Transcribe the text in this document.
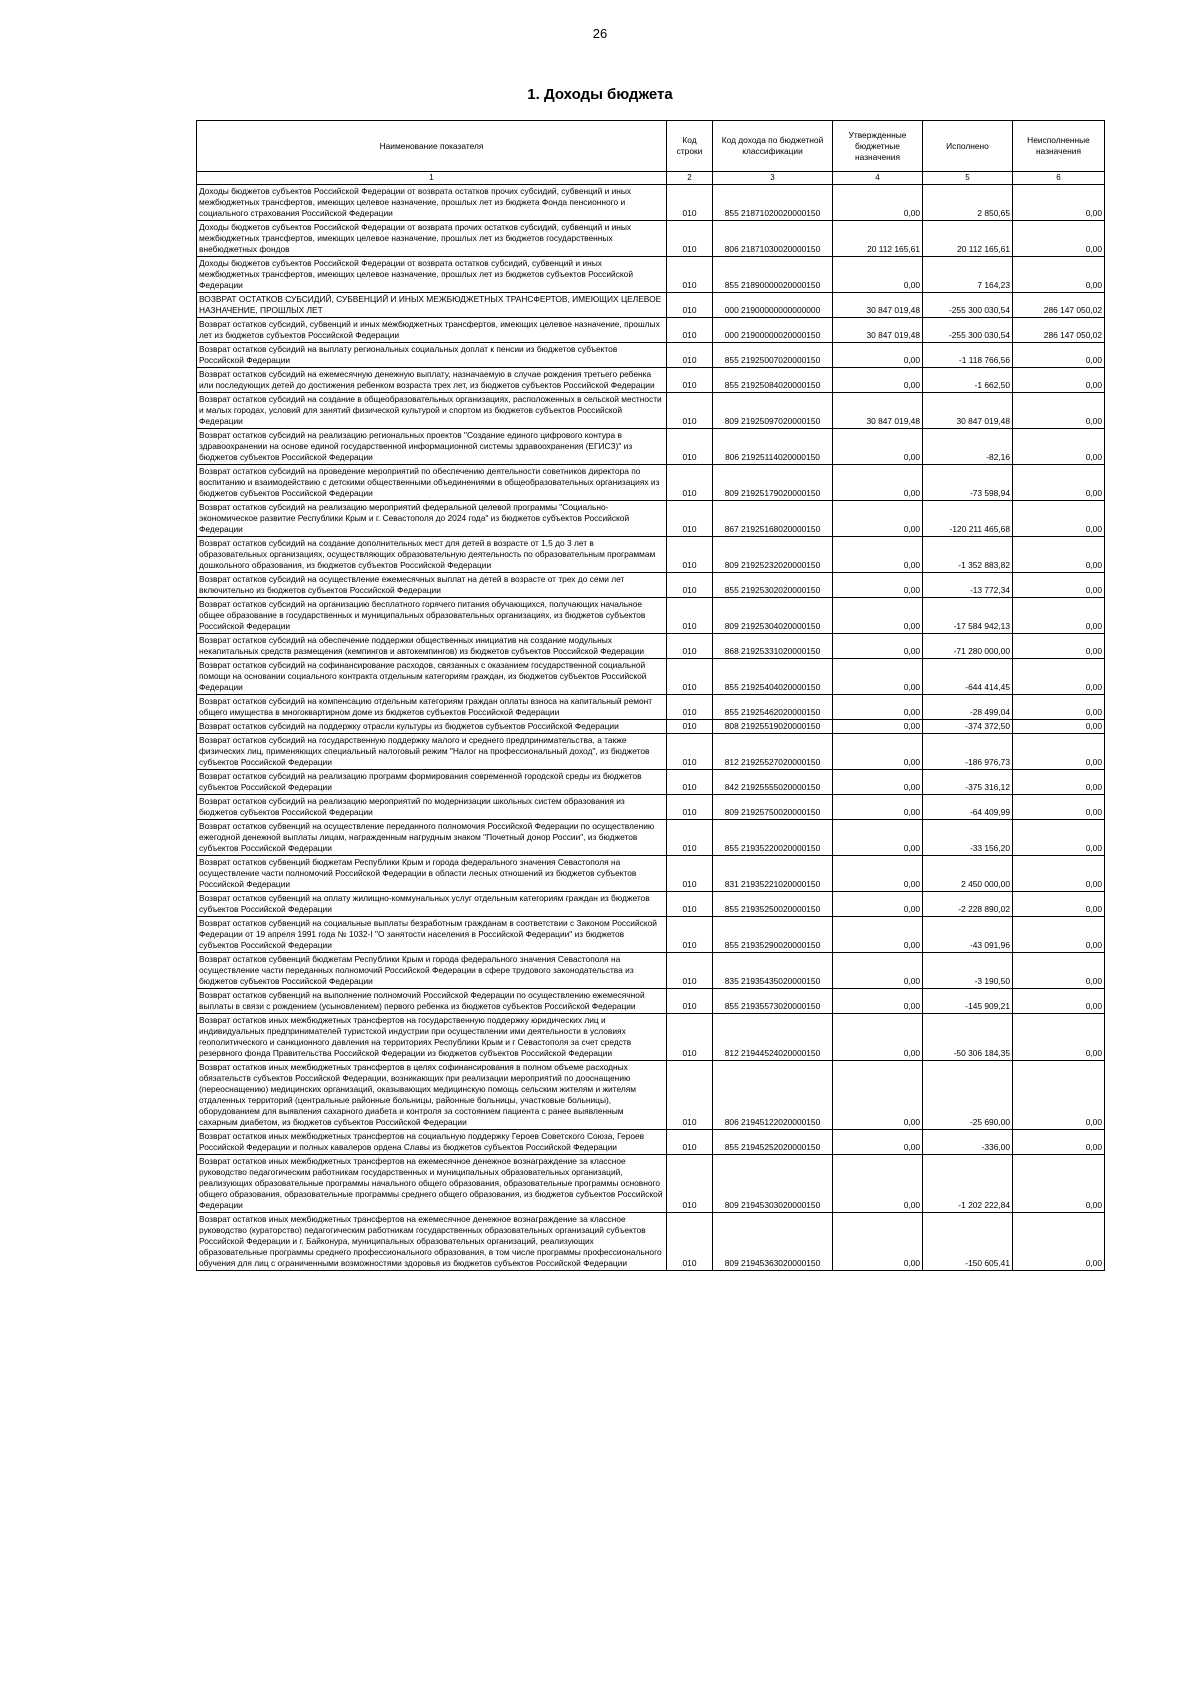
26
1. Доходы бюджета
Наименование показателя	Код строки	Код дохода по бюджетной классификации	Утвержденные бюджетные назначения	Исполнено	Неисполненные назначения
1	2	3	4	5	6
Доходы бюджетов субъектов Российской Федерации от возврата остатков прочих субсидий, субвенций и иных межбюджетных трансфертов, имеющих целевое назначение, прошлых лет из бюджета Фонда пенсионного и социального страхования Российской Федерации	010	855 21871020020000150	0,00	2 850,65	0,00
Доходы бюджетов субъектов Российской Федерации от возврата прочих остатков субсидий, субвенций и иных межбюджетных трансфертов, имеющих целевое назначение, прошлых лет из бюджетов государственных внебюджетных фондов	010	806 21871030020000150	20 112 165,61	20 112 165,61	0,00
Доходы бюджетов субъектов Российской Федерации от возврата остатков субсидий, субвенций и иных межбюджетных трансфертов, имеющих целевое назначение, прошлых лет из бюджетов субъектов Российской Федерации	010	855 21890000020000150	0,00	7 164,23	0,00
ВОЗВРАТ ОСТАТКОВ СУБСИДИЙ, СУБВЕНЦИЙ И ИНЫХ МЕЖБЮДЖЕТНЫХ ТРАНСФЕРТОВ, ИМЕЮЩИХ ЦЕЛЕВОЕ НАЗНАЧЕНИЕ, ПРОШЛЫХ ЛЕТ	010	000 21900000000000000	30 847 019,48	-255 300 030,54	286 147 050,02
Возврат остатков субсидий, субвенций и иных межбюджетных трансфертов, имеющих целевое назначение, прошлых лет из бюджетов субъектов Российской Федерации	010	000 21900000020000150	30 847 019,48	-255 300 030,54	286 147 050,02
Возврат остатков субсидий на выплату региональных социальных доплат к пенсии из бюджетов субъектов Российской Федерации	010	855 21925007020000150	0,00	-1 118 766,56	0,00
Возврат остатков субсидий на ежемесячную денежную выплату, назначаемую в случае рождения третьего ребенка или последующих детей до достижения ребенком возраста трех лет, из бюджетов субъектов Российской Федерации	010	855 21925084020000150	0,00	-1 662,50	0,00
Возврат остатков субсидий на создание в общеобразовательных организациях, расположенных в сельской местности и малых городах, условий для занятий физической культурой и спортом из бюджетов субъектов Российской Федерации	010	809 21925097020000150	30 847 019,48	30 847 019,48	0,00
Возврат остатков субсидий на реализацию региональных проектов "Создание единого цифрового контура в здравоохранении на основе единой государственной информационной системы здравоохранения (ЕГИСЗ)" из бюджетов субъектов Российской Федерации	010	806 21925114020000150	0,00	-82,16	0,00
Возврат остатков субсидий на проведение мероприятий по обеспечению деятельности советников директора по воспитанию и взаимодействию с детскими общественными объединениями в общеобразовательных организациях из бюджетов субъектов Российской Федерации	010	809 21925179020000150	0,00	-73 598,94	0,00
Возврат остатков субсидий на реализацию мероприятий федеральной целевой программы "Социально-экономическое развитие Республики Крым и г. Севастополя до 2024 года" из бюджетов субъектов Российской Федерации	010	867 21925168020000150	0,00	-120 211 465,68	0,00
Возврат остатков субсидий на создание дополнительных мест для детей в возрасте от 1,5 до 3 лет в образовательных организациях, осуществляющих образовательную деятельность по образовательным программам дошкольного образования, из бюджетов субъектов Российской Федерации	010	809 21925232020000150	0,00	-1 352 883,82	0,00
Возврат остатков субсидий на осуществление ежемесячных выплат на детей в возрасте от трех до семи лет включительно из бюджетов субъектов Российской Федерации	010	855 21925302020000150	0,00	-13 772,34	0,00
Возврат остатков субсидий на организацию бесплатного горячего питания обучающихся, получающих начальное общее образование в государственных и муниципальных образовательных организациях, из бюджетов субъектов Российской Федерации	010	809 21925304020000150	0,00	-17 584 942,13	0,00
Возврат остатков субсидий на обеспечение поддержки общественных инициатив на создание модульных некапитальных средств размещения (кемпингов и автокемпингов) из бюджетов субъектов Российской Федерации	010	868 21925331020000150	0,00	-71 280 000,00	0,00
Возврат остатков субсидий на софинансирование расходов, связанных с оказанием государственной социальной помощи на основании социального контракта отдельным категориям граждан, из бюджетов субъектов Российской Федерации	010	855 21925404020000150	0,00	-644 414,45	0,00
Возврат остатков субсидий на компенсацию отдельным категориям граждан оплаты взноса на капитальный ремонт общего имущества в многоквартирном доме из бюджетов субъектов Российской Федерации	010	855 21925462020000150	0,00	-28 499,04	0,00
Возврат остатков субсидий на поддержку отрасли культуры из бюджетов субъектов Российской Федерации	010	808 21925519020000150	0,00	-374 372,50	0,00
Возврат остатков субсидий на государственную поддержку малого и среднего предпринимательства, а также физических лиц, применяющих специальный налоговый режим "Налог на профессиональный доход", из бюджетов субъектов Российской Федерации	010	812 21925527020000150	0,00	-186 976,73	0,00
Возврат остатков субсидий на реализацию программ формирования современной городской среды из бюджетов субъектов Российской Федерации	010	842 21925555020000150	0,00	-375 316,12	0,00
Возврат остатков субсидий на реализацию мероприятий по модернизации школьных систем образования из бюджетов субъектов Российской Федерации	010	809 21925750020000150	0,00	-64 409,99	0,00
Возврат остатков субвенций на осуществление переданного полномочия Российской Федерации по осуществлению ежегодной денежной выплаты лицам, награжденным нагрудным знаком "Почетный донор России", из бюджетов субъектов Российской Федерации	010	855 21935220020000150	0,00	-33 156,20	0,00
Возврат остатков субвенций бюджетам Республики Крым и города федерального значения Севастополя на осуществление части полномочий Российской Федерации в области лесных отношений из бюджетов субъектов Российской Федерации	010	831 21935221020000150	0,00	2 450 000,00	0,00
Возврат остатков субвенций на оплату жилищно-коммунальных услуг отдельным категориям граждан из бюджетов субъектов Российской Федерации	010	855 21935250020000150	0,00	-2 228 890,02	0,00
Возврат остатков субвенций на социальные выплаты безработным гражданам в соответствии с Законом Российской Федерации от 19 апреля 1991 года № 1032-I "О занятости населения в Российской Федерации" из бюджетов субъектов Российской Федерации	010	855 21935290020000150	0,00	-43 091,96	0,00
Возврат остатков субвенций бюджетам Республики Крым и города федерального значения Севастополя на осуществление части переданных полномочий Российской Федерации в сфере трудового законодательства из бюджетов субъектов Российской Федерации	010	835 21935435020000150	0,00	-3 190,50	0,00
Возврат остатков субвенций на выполнение полномочий Российской Федерации по осуществлению ежемесячной выплаты в связи с рождением (усыновлением) первого ребенка из бюджетов субъектов Российской Федерации	010	855 21935573020000150	0,00	-145 909,21	0,00
Возврат остатков иных межбюджетных трансфертов на государственную поддержку юридических лиц и индивидуальных предпринимателей туристской индустрии при осуществлении ими деятельности в условиях геополитического и санкционного давления на территориях Республики Крым и г Севастополя за счет средств резервного фонда Правительства Российской Федерации из бюджетов субъектов Российской Федерации	010	812 21944524020000150	0,00	-50 306 184,35	0,00
Возврат остатков иных межбюджетных трансфертов в целях софинансирования в полном объеме расходных обязательств субъектов Российской Федерации, возникающих при реализации мероприятий по дооснащению (переоснащению) медицинских организаций, оказывающих медицинскую помощь сельским жителям и жителям отдаленных территорий (центральные районные больницы, районные больницы, участковые больницы), оборудованием для выявления сахарного диабета и контроля за состоянием пациента с ранее выявленным сахарным диабетом, из бюджетов субъектов Российской Федерации	010	806 21945122020000150	0,00	-25 690,00	0,00
Возврат остатков иных межбюджетных трансфертов на социальную поддержку Героев Советского Союза, Героев Российской Федерации и полных кавалеров ордена Славы из бюджетов субъектов Российской Федерации	010	855 21945252020000150	0,00	-336,00	0,00
Возврат остатков иных межбюджетных трансфертов на ежемесячное денежное вознаграждение за классное руководство педагогическим работникам государственных и муниципальных образовательных организаций, реализующих образовательные программы начального общего образования, образовательные программы основного общего образования, образовательные программы среднего общего образования, из бюджетов субъектов Российской Федерации	010	809 21945303020000150	0,00	-1 202 222,84	0,00
Возврат остатков иных межбюджетных трансфертов на ежемесячное денежное вознаграждение за классное руководство (кураторство) педагогическим работникам государственных образовательных организаций субъектов Российской Федерации и г. Байконура, муниципальных образовательных организаций, реализующих образовательные программы среднего профессионального образования, в том числе программы профессионального обучения для лиц с ограниченными возможностями здоровья из бюджетов субъектов Российской Федерации	010	809 21945363020000150	0,00	-150 605,41	0,00
